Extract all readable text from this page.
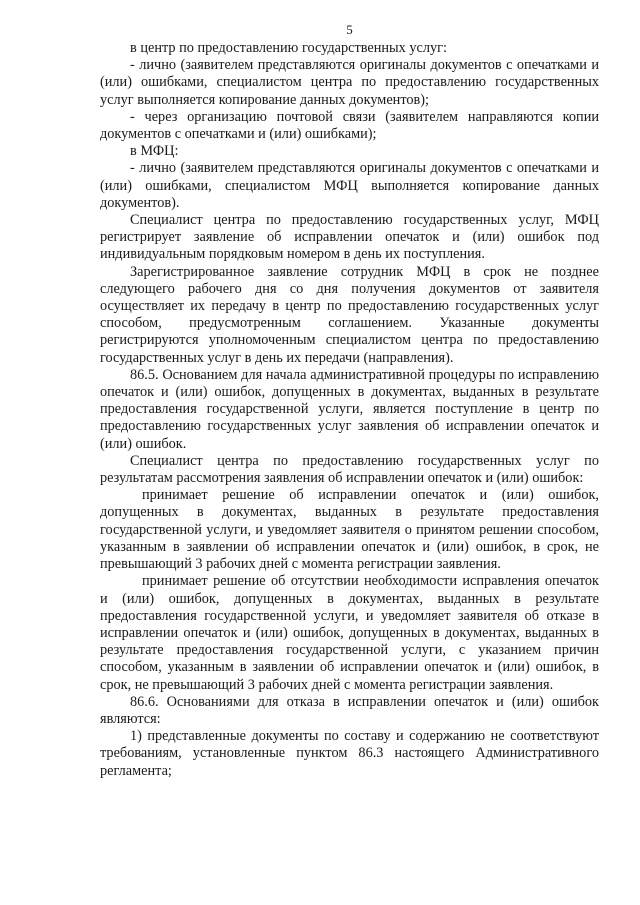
5

в центр по предоставлению государственных услуг:

- лично (заявителем представляются оригиналы документов с опечатками и (или) ошибками, специалистом центра по предоставлению государственных услуг выполняется копирование данных документов);

- через организацию почтовой связи (заявителем направляются копии документов с опечатками и (или) ошибками);

в МФЦ:

- лично (заявителем представляются оригиналы документов с опечатками и (или) ошибками, специалистом МФЦ выполняется копирование данных документов).

Специалист центра по предоставлению государственных услуг, МФЦ регистрирует заявление об исправлении опечаток и (или) ошибок под индивидуальным порядковым номером в день их поступления.

Зарегистрированное заявление сотрудник МФЦ в срок не позднее следующего рабочего дня со дня получения документов от заявителя осуществляет их передачу в центр по предоставлению государственных услуг способом, предусмотренным соглашением. Указанные документы регистрируются уполномоченным специалистом центра по предоставлению государственных услуг в день их передачи (направления).

86.5. Основанием для начала административной процедуры по исправлению опечаток и (или) ошибок, допущенных в документах, выданных в результате предоставления государственной услуги, является поступление в центр по предоставлению государственных услуг заявления об исправлении опечаток и (или) ошибок.

Специалист центра по предоставлению государственных услуг по результатам рассмотрения заявления об исправлении опечаток и (или) ошибок:

принимает решение об исправлении опечаток и (или) ошибок, допущенных в документах, выданных в результате предоставления государственной услуги, и уведомляет заявителя о принятом решении способом, указанным в заявлении об исправлении опечаток и (или) ошибок, в срок, не превышающий 3 рабочих дней с момента регистрации заявления.

принимает решение об отсутствии необходимости исправления опечаток и (или) ошибок, допущенных в документах, выданных в результате предоставления государственной услуги, и уведомляет заявителя об отказе в исправлении опечаток и (или) ошибок, допущенных в документах, выданных в результате предоставления государственной услуги, с указанием причин способом, указанным в заявлении об исправлении опечаток и (или) ошибок, в срок, не превышающий 3 рабочих дней с момента регистрации заявления.

86.6. Основаниями для отказа в исправлении опечаток и (или) ошибок являются:

1) представленные документы по составу и содержанию не соответствуют требованиям, установленные пунктом 86.3 настоящего Административного регламента;
